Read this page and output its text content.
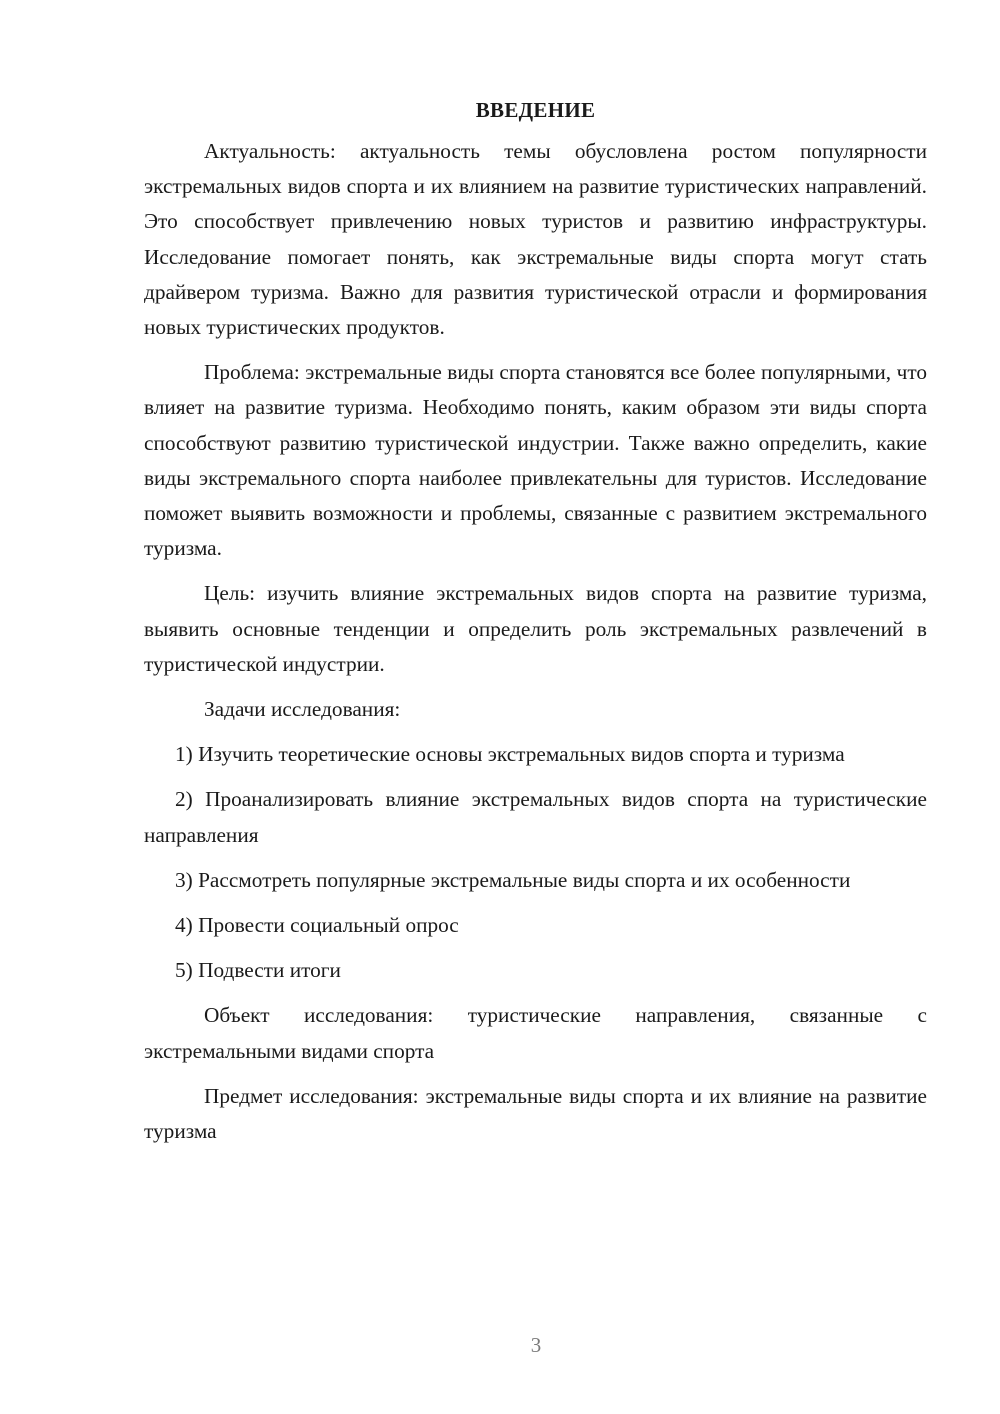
ВВЕДЕНИЕ

Актуальность: актуальность темы обусловлена ростом популярности экстремальных видов спорта и их влиянием на развитие туристических направлений. Это способствует привлечению новых туристов и развитию инфраструктуры. Исследование помогает понять, как экстремальные виды спорта могут стать драйвером туризма. Важно для развития туристической отрасли и формирования новых туристических продуктов.

Проблема: экстремальные виды спорта становятся все более популярными, что влияет на развитие туризма. Необходимо понять, каким образом эти виды спорта способствуют развитию туристической индустрии. Также важно определить, какие виды экстремального спорта наиболее привлекательны для туристов. Исследование поможет выявить возможности и проблемы, связанные с развитием экстремального туризма.

Цель: изучить влияние экстремальных видов спорта на развитие туризма, выявить основные тенденции и определить роль экстремальных развлечений в туристической индустрии.

Задачи исследования:

1) Изучить теоретические основы экстремальных видов спорта и туризма

2) Проанализировать влияние экстремальных видов спорта на туристические направления

3) Рассмотреть популярные экстремальные виды спорта и их особенности

4) Провести социальный опрос

5) Подвести итоги

Объект исследования: туристические направления, связанные с экстремальными видами спорта

Предмет исследования: экстремальные виды спорта и их влияние на развитие туризма

3
